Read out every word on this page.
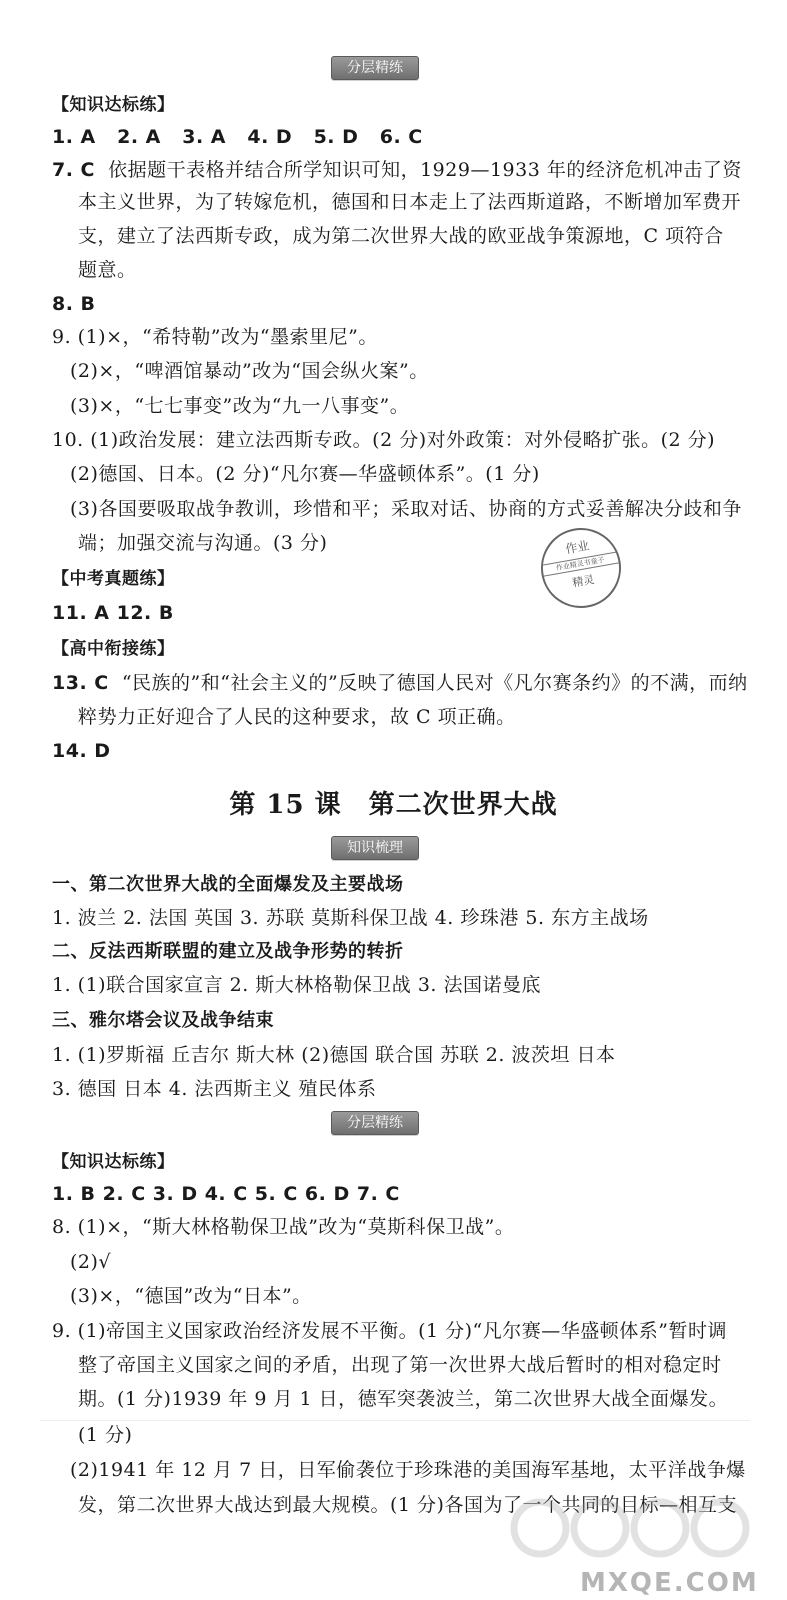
分层精练
【知识达标练】
1. A 2. A 3. A 4. D 5. D 6. C
7. C 依据题干表格并结合所学知识可知，1929—1933 年的经济危机冲击了资
本主义世界，为了转嫁危机，德国和日本走上了法西斯道路，不断增加军费开
支，建立了法西斯专政，成为第二次世界大战的欧亚战争策源地，C 项符合
题意。
8. B
9. (1)×，“希特勒”改为“墨索里尼”。
(2)×，“啤酒馆暴动”改为“国会纵火案”。
(3)×，“七七事变”改为“九一八事变”。
10. (1)政治发展：建立法西斯专政。(2 分)对外政策：对外侵略扩张。(2 分)
(2)德国、日本。(2 分)“凡尔赛—华盛顿体系”。(1 分)
(3)各国要吸取战争教训，珍惜和平；采取对话、协商的方式妥善解决分歧和争
端；加强交流与沟通。(3 分)	作业
作业精灵书童子
精灵
【中考真题练】
11. A 12. B
【高中衔接练】
13. C “民族的”和“社会主义的”反映了德国人民对《凡尔赛条约》的不满，而纳
粹势力正好迎合了人民的这种要求，故 C 项正确。
14. D
第 15 课　第二次世界大战
知识梳理
一、第二次世界大战的全面爆发及主要战场
1. 波兰 2. 法国 英国 3. 苏联 莫斯科保卫战 4. 珍珠港 5. 东方主战场
二、反法西斯联盟的建立及战争形势的转折
1. (1)联合国家宣言 2. 斯大林格勒保卫战 3. 法国诺曼底
三、雅尔塔会议及战争结束
1. (1)罗斯福 丘吉尔 斯大林 (2)德国 联合国 苏联 2. 波茨坦 日本
3. 德国 日本 4. 法西斯主义 殖民体系
分层精练
【知识达标练】
1. B 2. C 3. D 4. C 5. C 6. D 7. C
8. (1)×，“斯大林格勒保卫战”改为“莫斯科保卫战”。
(2)√
(3)×，“德国”改为“日本”。
9. (1)帝国主义国家政治经济发展不平衡。(1 分)“凡尔赛—华盛顿体系”暂时调
整了帝国主义国家之间的矛盾，出现了第一次世界大战后暂时的相对稳定时
期。(1 分)1939 年 9 月 1 日，德军突袭波兰，第二次世界大战全面爆发。
(1 分)
(2)1941 年 12 月 7 日，日军偷袭位于珍珠港的美国海军基地，太平洋战争爆
发，第二次世界大战达到最大规模。(1 分)各国为了一个共同的目标—相互支
MXQE.COM
